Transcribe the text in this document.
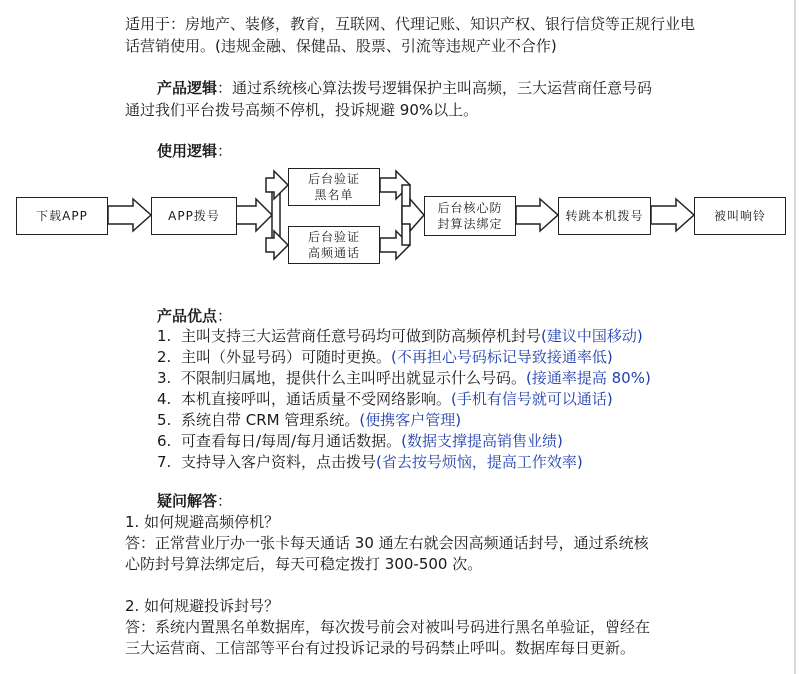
适用于：房地产、装修，教育，互联网、代理记账、知识产权、银行信贷等正规行业电
话营销使用。(违规金融、保健品、股票、引流等违规产业不合作)
产品逻辑：通过系统核心算法拨号逻辑保护主叫高频，三大运营商任意号码
通过我们平台拨号高频不停机，投诉规避 90%以上。
使用逻辑：
下载APP	APP拨号
后台验证
黑名单
后台验证
高频通话
后台核心防
封算法绑定
转跳本机拨号	被叫响铃
产品优点：
1. 主叫支持三大运营商任意号码均可做到防高频停机封号(建议中国移动)
2. 主叫（外显号码）可随时更换。(不再担心号码标记导致接通率低)
3. 不限制归属地，提供什么主叫呼出就显示什么号码。(接通率提高 80%)
4. 本机直接呼叫，通话质量不受网络影响。(手机有信号就可以通话)
5. 系统自带 CRM 管理系统。(便携客户管理)
6. 可查看每日/每周/每月通话数据。(数据支撑提高销售业绩)
7. 支持导入客户资料，点击拨号(省去按号烦恼，提高工作效率)
疑问解答：
1. 如何规避高频停机？
答：正常营业厅办一张卡每天通话 30 通左右就会因高频通话封号，通过系统核
心防封号算法绑定后，每天可稳定拨打 300-500 次。
2. 如何规避投诉封号？
答：系统内置黑名单数据库，每次拨号前会对被叫号码进行黑名单验证，曾经在
三大运营商、工信部等平台有过投诉记录的号码禁止呼叫。数据库每日更新。
